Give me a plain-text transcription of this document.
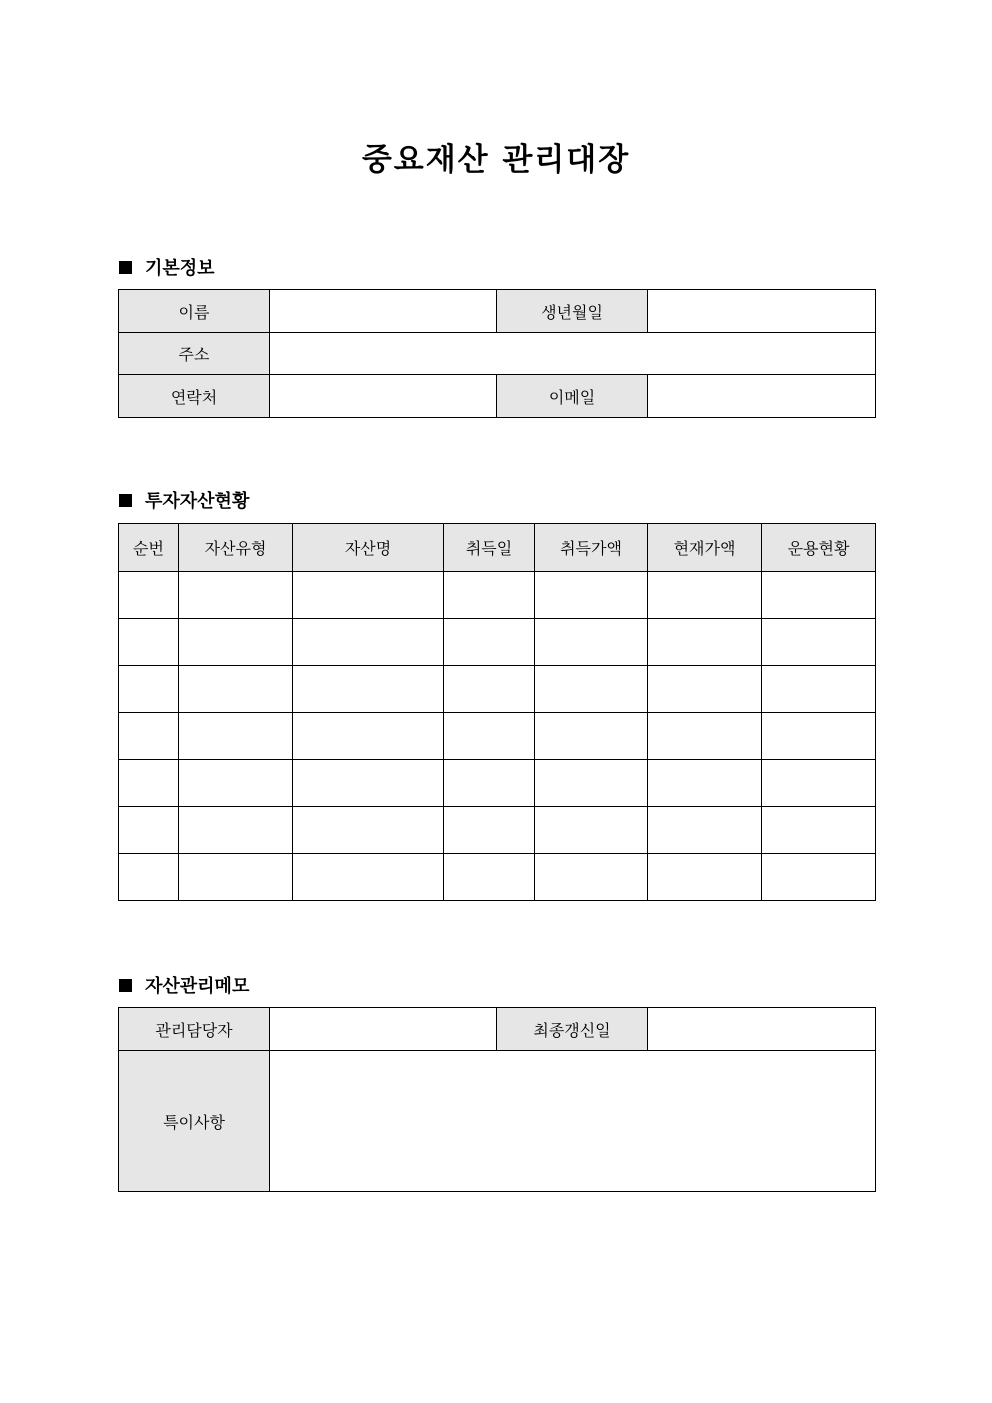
중요재산 관리대장
기본정보
이름		생년월일	
주소			
연락처		이메일	
투자자산현황
순번	자산유형	자산명	취득일	취득가액	현재가액	운용현황

자산관리메모
관리담당자		최종갱신일	
특이사항			
